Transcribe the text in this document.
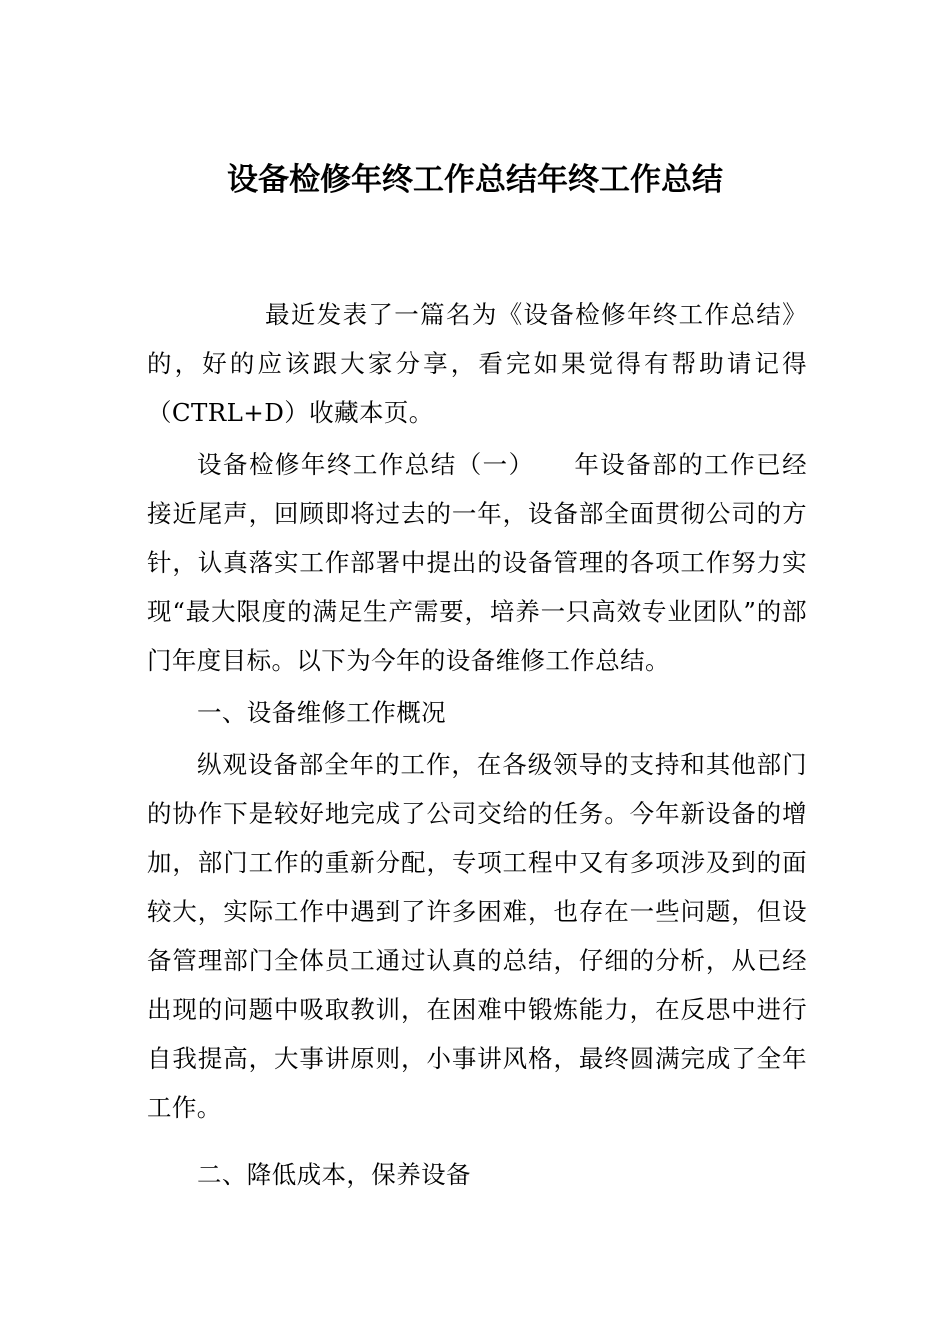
设备检修年终工作总结年终工作总结

最近发表了一篇名为《设备检修年终工作总结》的，好的应该跟大家分享，看完如果觉得有帮助请记得（CTRL+D）收藏本页。

设备检修年终工作总结（一）　　年设备部的工作已经接近尾声，回顾即将过去的一年，设备部全面贯彻公司的方针，认真落实工作部署中提出的设备管理的各项工作努力实现“最大限度的满足生产需要，培养一只高效专业团队”的部门年度目标。以下为今年的设备维修工作总结。

一、设备维修工作概况

纵观设备部全年的工作，在各级领导的支持和其他部门的协作下是较好地完成了公司交给的任务。今年新设备的增加，部门工作的重新分配，专项工程中又有多项涉及到的面较大，实际工作中遇到了许多困难，也存在一些问题，但设备管理部门全体员工通过认真的总结，仔细的分析，从已经出现的问题中吸取教训，在困难中锻炼能力，在反思中进行自我提高，大事讲原则，小事讲风格，最终圆满完成了全年工作。

二、降低成本，保养设备
